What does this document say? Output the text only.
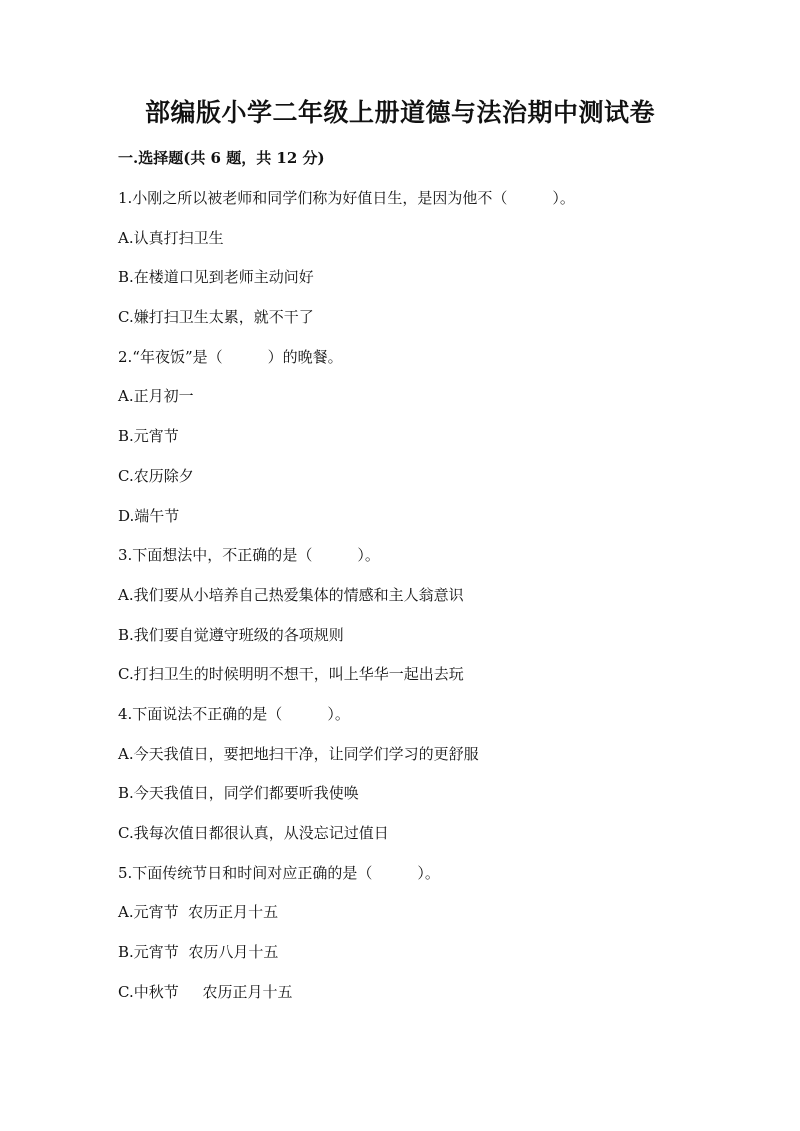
部编版小学二年级上册道德与法治期中测试卷
一.选择题(共 6 题，共 12 分)
1.小刚之所以被老师和同学们称为好值日生，是因为他不（　　　）。
A.认真打扫卫生
B.在楼道口见到老师主动问好
C.嫌打扫卫生太累，就不干了
2.“年夜饭”是（　　　）的晚餐。
A.正月初一
B.元宵节
C.农历除夕
D.端午节
3.下面想法中，不正确的是（　　　）。
A.我们要从小培养自己热爱集体的情感和主人翁意识
B.我们要自觉遵守班级的各项规则
C.打扫卫生的时候明明不想干，叫上华华一起出去玩
4.下面说法不正确的是（　　　）。
A.今天我值日，要把地扫干净，让同学们学习的更舒服
B.今天我值日，同学们都要听我使唤
C.我每次值日都很认真，从没忘记过值日
5.下面传统节日和时间对应正确的是（　　　）。
A.元宵节  农历正月十五
B.元宵节  农历八月十五
C.中秋节     农历正月十五
